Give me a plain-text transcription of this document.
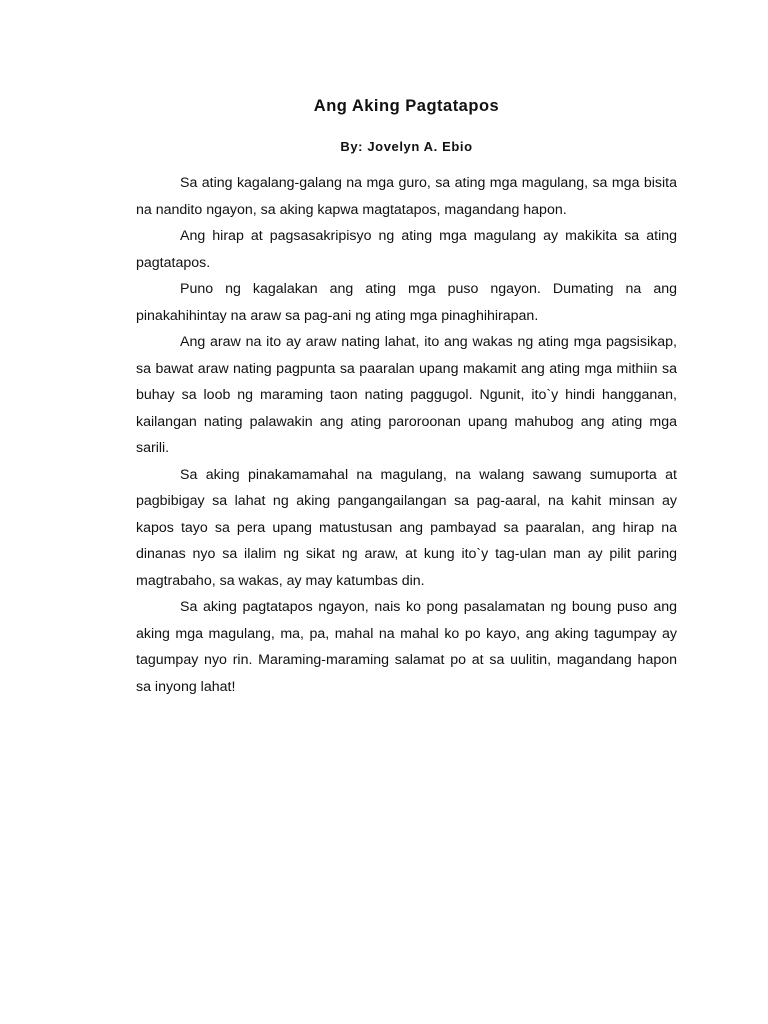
Ang Aking Pagtatapos

By: Jovelyn A. Ebio

Sa ating kagalang-galang na mga guro, sa ating mga magulang, sa mga bisita na nandito ngayon, sa aking kapwa magtatapos, magandang hapon.

Ang hirap at pagsasakripisyo ng ating mga magulang ay makikita sa ating pagtatapos.

Puno ng kagalakan ang ating mga puso ngayon. Dumating na ang pinakahihintay na araw sa pag-ani ng ating mga pinaghihirapan.

Ang araw na ito ay araw nating lahat, ito ang wakas ng ating mga pagsisikap, sa bawat araw nating pagpunta sa paaralan upang makamit ang ating mga mithiin sa buhay sa loob ng maraming taon nating paggugol. Ngunit, ito`y hindi hangganan, kailangan nating palawakin ang ating paroroonan upang mahubog ang ating mga sarili.

Sa aking pinakamamahal na magulang, na walang sawang sumuporta at pagbibigay sa lahat ng aking pangangailangan sa pag-aaral, na kahit minsan ay kapos tayo sa pera upang matustusan ang pambayad sa paaralan, ang hirap na dinanas nyo sa ilalim ng sikat ng araw, at kung ito`y tag-ulan man ay pilit paring magtrabaho, sa wakas, ay may katumbas din.

Sa aking pagtatapos ngayon, nais ko pong pasalamatan ng boung puso ang aking mga magulang, ma, pa, mahal na mahal ko po kayo, ang aking tagumpay ay tagumpay nyo rin. Maraming-maraming salamat po at sa uulitin, magandang hapon sa inyong lahat!
